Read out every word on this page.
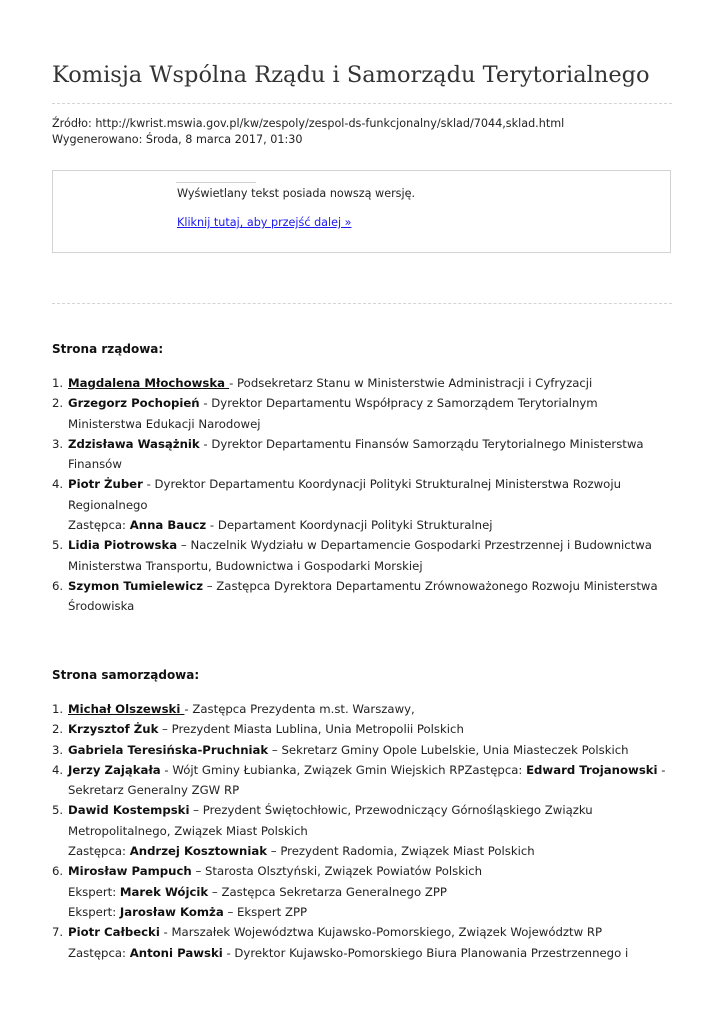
Komisja Wspólna Rządu i Samorządu Terytorialnego
Źródło: http://kwrist.mswia.gov.pl/kw/zespoly/zespol-ds-funkcjonalny/sklad/7044,sklad.html
Wygenerowano: Środa, 8 marca 2017, 01:30
Wyświetlany tekst posiada nowszą wersję.
Kliknij tutaj, aby przejść dalej »
Strona rządowa:
1. Magdalena Młochowska - Podsekretarz Stanu w Ministerstwie Administracji i Cyfryzacji
2. Grzegorz Pochopień - Dyrektor Departamentu Współpracy z Samorządem Terytorialnym Ministerstwa Edukacji Narodowej
3. Zdzisława Wasążnik - Dyrektor Departamentu Finansów Samorządu Terytorialnego Ministerstwa Finansów
4. Piotr Żuber - Dyrektor Departamentu Koordynacji Polityki Strukturalnej Ministerstwa Rozwoju Regionalnego
Zastępca: Anna Baucz - Departament Koordynacji Polityki Strukturalnej
5. Lidia Piotrowska – Naczelnik Wydziału w Departamencie Gospodarki Przestrzennej i Budownictwa Ministerstwa Transportu, Budownictwa i Gospodarki Morskiej
6. Szymon Tumielewicz – Zastępca Dyrektora Departamentu Zrównoważonego Rozwoju Ministerstwa Środowiska
Strona samorządowa:
1. Michał Olszewski - Zastępca Prezydenta m.st. Warszawy,
2. Krzysztof Żuk – Prezydent Miasta Lublina, Unia Metropolii Polskich
3. Gabriela Teresińska-Pruchniak – Sekretarz Gminy Opole Lubelskie, Unia Miasteczek Polskich
4. Jerzy Zająkała - Wójt Gminy Łubianka, Związek Gmin Wiejskich RPZastępca: Edward Trojanowski - Sekretarz Generalny ZGW RP
5. Dawid Kostempski – Prezydent Świętochłowic, Przewodniczący Górnośląskiego Związku Metropolitalnego, Związek Miast Polskich
Zastępca: Andrzej Kosztowniak – Prezydent Radomia, Związek Miast Polskich
6. Mirosław Pampuch – Starosta Olsztyński, Związek Powiatów Polskich
Ekspert: Marek Wójcik – Zastępca Sekretarza Generalnego ZPP
Ekspert: Jarosław Komża – Ekspert ZPP
7. Piotr Całbecki - Marszałek Województwa Kujawsko-Pomorskiego, Związek Województw RP
Zastępca: Antoni Pawski - Dyrektor Kujawsko-Pomorskiego Biura Planowania Przestrzennego i
